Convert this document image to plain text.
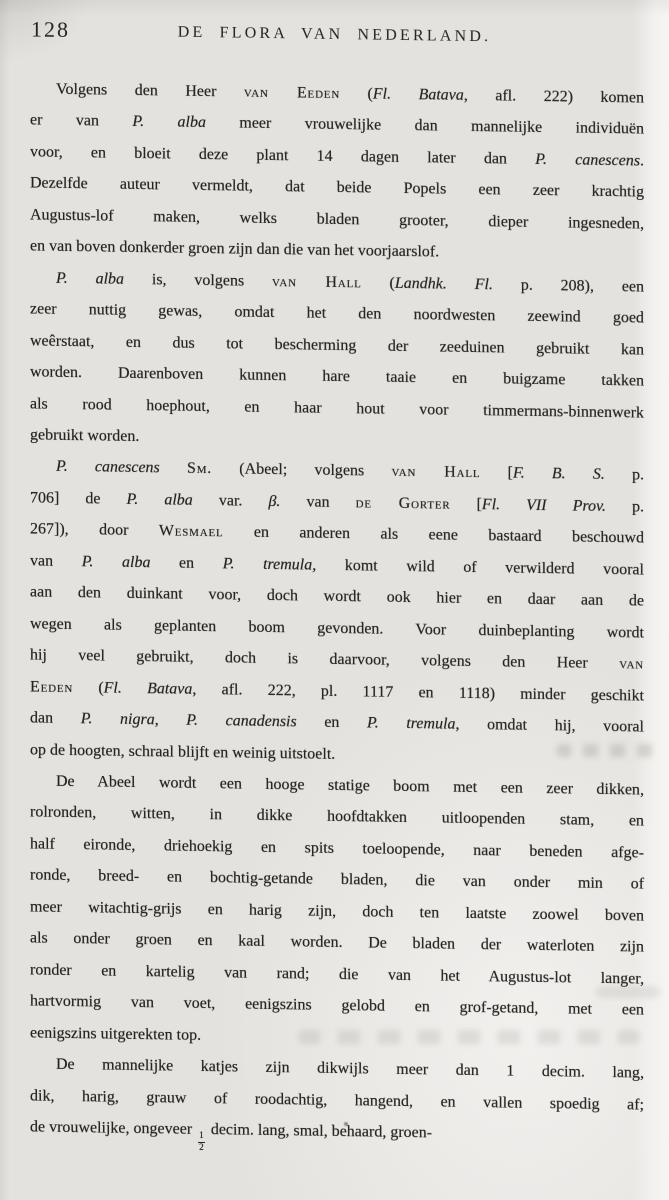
128	DE FLORA VAN NEDERLAND.
Volgens den Heer van Eeden (Fl. Batava, afl. 222) komen
er van P. alba meer vrouwelijke dan mannelijke individuën
voor, en bloeit deze plant 14 dagen later dan P. canescens.
Dezelfde auteur vermeldt, dat beide Popels een zeer krachtig
Augustus-lof maken, welks bladen grooter, dieper ingesneden,
en van boven donkerder groen zijn dan die van het voorjaarslof.
P. alba is, volgens van Hall (Landhk. Fl. p. 208), een
zeer nuttig gewas, omdat het den noordwesten zeewind goed
weêrstaat, en dus tot bescherming der zeeduinen gebruikt kan
worden. Daarenboven kunnen hare taaie en buigzame takken
als rood hoephout, en haar hout voor timmermans-binnenwerk
gebruikt worden.
P. canescens Sm. (Abeel; volgens van Hall [F. B. S. p.
706] de P. alba var. β. van de Gorter [Fl. VII Prov. p.
267]), door Wesmael en anderen als eene bastaard beschouwd
van P. alba en P. tremula, komt wild of verwilderd vooral
aan den duinkant voor, doch wordt ook hier en daar aan de
wegen als geplanten boom gevonden. Voor duinbeplanting wordt
hij veel gebruikt, doch is daarvoor, volgens den Heer van
Eeden (Fl. Batava, afl. 222, pl. 1117 en 1118) minder geschikt
dan P. nigra, P. canadensis en P. tremula, omdat hij, vooral
op de hoogten, schraal blijft en weinig uitstoelt.
De Abeel wordt een hooge statige boom met een zeer dikken,
rolronden, witten, in dikke hoofdtakken uitloopenden stam, en
half eironde, driehoekig en spits toeloopende, naar beneden afge-
ronde, breed- en bochtig-getande bladen, die van onder min of
meer witachtig-grijs en harig zijn, doch ten laatste zoowel boven
als onder groen en kaal worden. De bladen der waterloten zijn
ronder en kartelig van rand; die van het Augustus-lot langer,
hartvormig van voet, eenigszins gelobd en grof-getand, met een
eenigszins uitgerekten top.
De mannelijke katjes zijn dikwijls meer dan 1 decim. lang,
dik, harig, grauw of roodachtig, hangend, en vallen spoedig af;
de vrouwelijke, ongeveer
$\frac{1}{2}$
decim. lang, smal, behaard, groen-
